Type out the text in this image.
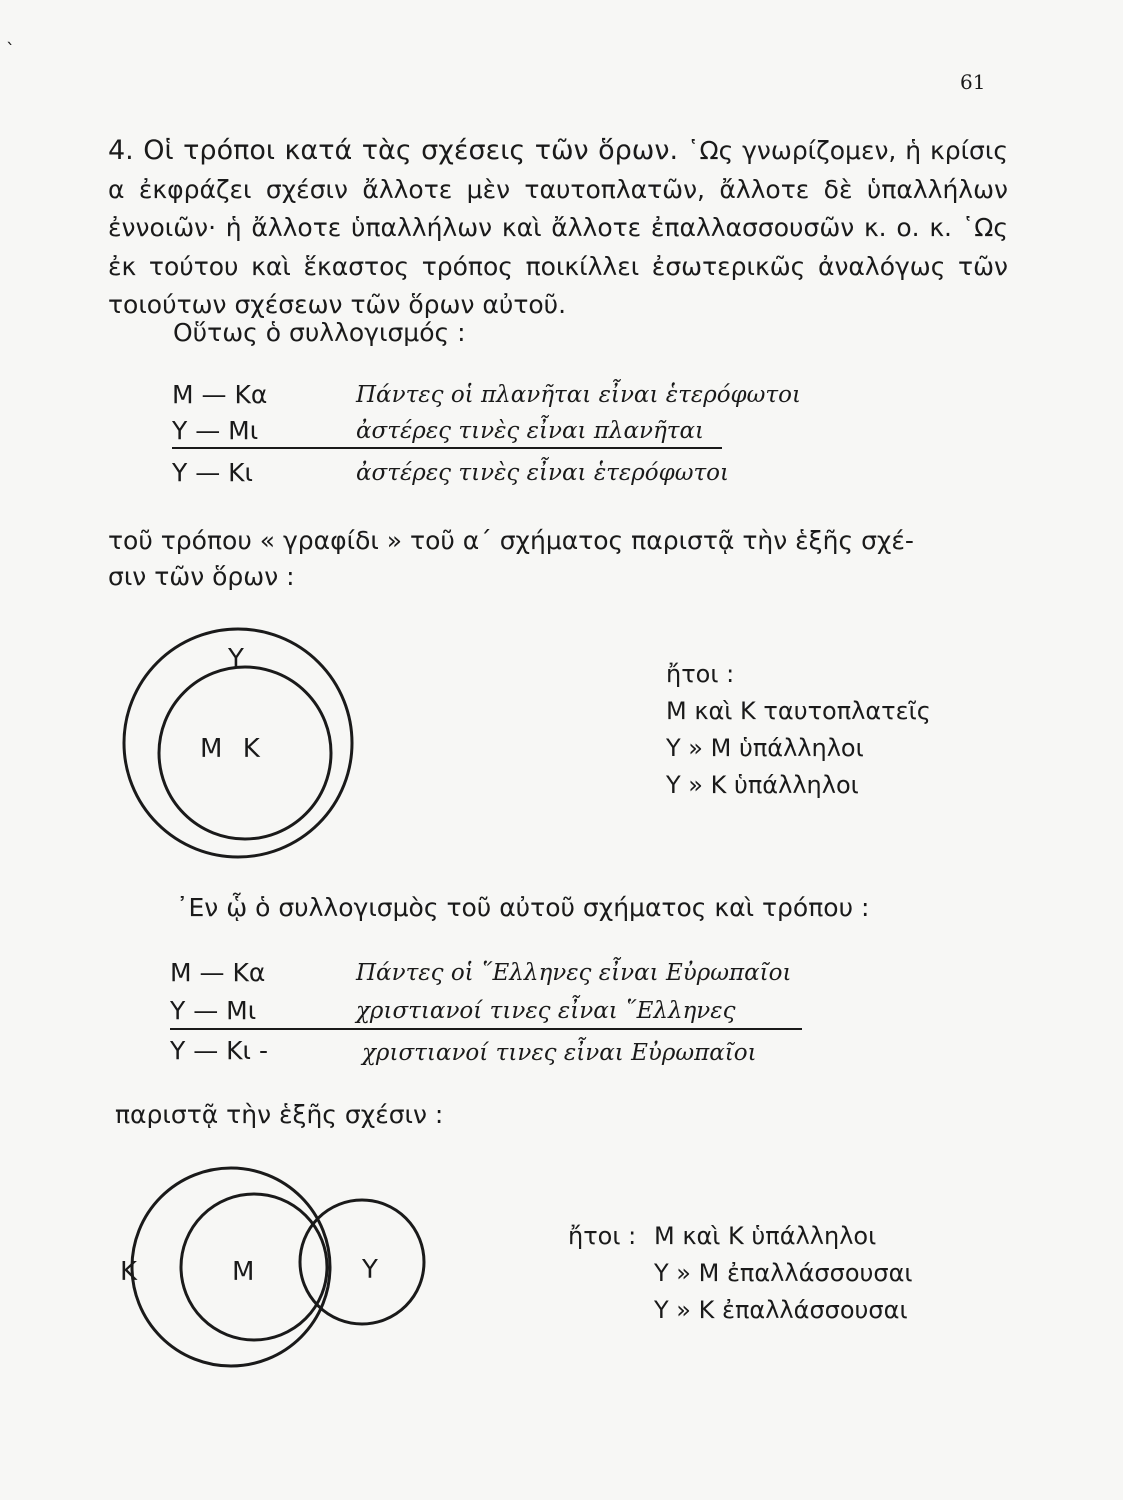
`
61
4. Οἱ τρόποι κατά τὰς σχέσεις τῶν ὅρων. ῾Ως γνωρίζομεν, ἡ κρίσις α ἐκφράζει σχέσιν ἄλλοτε μὲν ταυτοπλατῶν, ἄλλοτε δὲ ὑπαλλήλων ἐννοιῶν· ἡ ἄλλοτε ὑπαλλήλων καὶ ἄλλοτε ἐπαλλασσουσῶν κ. ο. κ. ῾Ως ἐκ τούτου καὶ ἕκαστος τρόπος ποικίλλει ἐσωτερικῶς ἀναλόγως τῶν τοιούτων σχέσεων τῶν ὅρων αὐτοῦ.
Οὕτως ὁ συλλογισμός :
Μ — Κα	Πάντες οἱ πλανῆται εἶναι ἑτερόφωτοι
Υ — Μι	ἀστέρες τινὲς εἶναι πλανῆται
Υ — Κι	ἀστέρες τινὲς εἶναι ἑτερόφωτοι
τοῦ τρόπου « γραφίδι » τοῦ α΄ σχήματος παριστᾷ τὴν ἑξῆς σχέ-
σιν τῶν ὅρων :
Υ
Μ Κ
ἤτοι :
Μ καὶ Κ ταυτοπλατεῖς
Υ » Μ ὑπάλληλοι
Υ » Κ ὑπάλληλοι
᾿Εν ᾧ ὁ συλλογισμὸς τοῦ αὐτοῦ σχήματος καὶ τρόπου :
Μ — Κα	Πάντες οἱ ῞Ελληνες εἶναι Εὐρωπαῖοι
Υ — Μι	χριστιανοί τινες εἶναι ῞Ελληνες
Υ — Κι -	χριστιανοί τινες εἶναι Εὐρωπαῖοι
παριστᾷ τὴν ἑξῆς σχέσιν :
Κ	Μ	Υ
ἤτοι : Μ καὶ Κ ὑπάλληλοι
Υ » Μ ἐπαλλάσσουσαι
Υ » Κ ἐπαλλάσσουσαι
